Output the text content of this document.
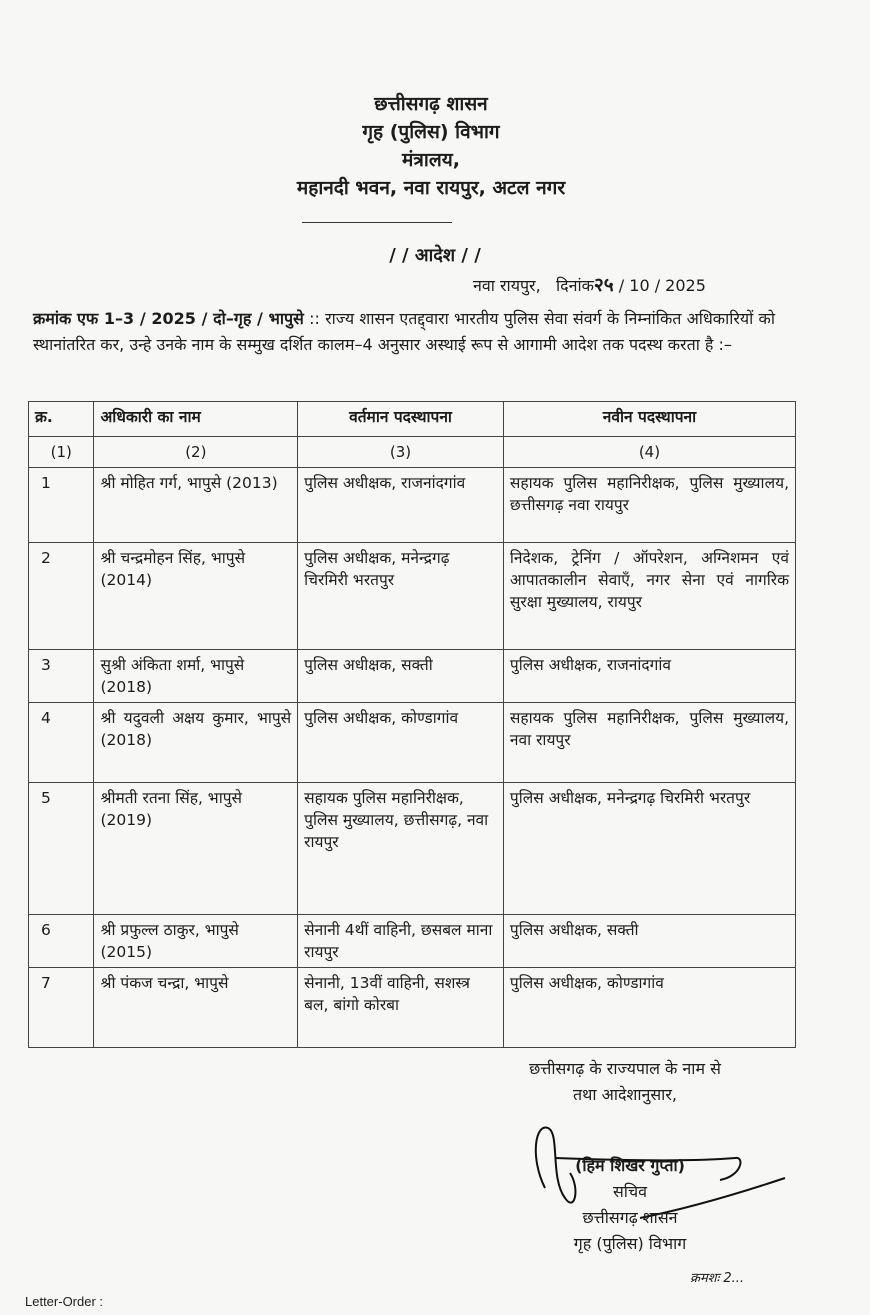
छत्तीसगढ़ शासन
गृह (पुलिस) विभाग
मंत्रालय,
महानदी भवन, नवा रायपुर, अटल नगर
/ / आदेश / /
नवा रायपुर, दिनांक२५ / 10 / 2025
क्रमांक एफ 1–3 / 2025 / दो–गृह / भापुसे :: राज्य शासन एतद्द्वारा भारतीय पुलिस सेवा संवर्ग के निम्नांकित अधिकारियों को स्थानांतरित कर, उन्हे उनके नाम के सम्मुख दर्शित कालम–4 अनुसार अस्थाई रूप से आगामी आदेश तक पदस्थ करता है :–
क्र.	अधिकारी का नाम	वर्तमान पदस्थापना	नवीन पदस्थापना
(1)	(2)	(3)	(4)
1	श्री मोहित गर्ग, भापुसे (2013)	पुलिस अधीक्षक, राजनांदगांव	सहायक पुलिस महानिरीक्षक, पुलिस मुख्यालय, छत्तीसगढ़ नवा रायपुर
2	श्री चन्द्रमोहन सिंह, भापुसे (2014)	पुलिस अधीक्षक, मनेन्द्रगढ़ चिरमिरी भरतपुर	निदेशक, ट्रेनिंग / ऑपरेशन, अग्निशमन एवं आपातकालीन सेवाएँ, नगर सेना एवं नागरिक सुरक्षा मुख्यालय, रायपुर
3	सुश्री अंकिता शर्मा, भापुसे (2018)	पुलिस अधीक्षक, सक्ती	पुलिस अधीक्षक, राजनांदगांव
4	श्री यदुवली अक्षय कुमार, भापुसे (2018)	पुलिस अधीक्षक, कोण्डागांव	सहायक पुलिस महानिरीक्षक, पुलिस मुख्यालय, नवा रायपुर
5	श्रीमती रतना सिंह, भापुसे (2019)	सहायक पुलिस महानिरीक्षक, पुलिस मुख्यालय, छत्तीसगढ़, नवा रायपुर	पुलिस अधीक्षक, मनेन्द्रगढ़ चिरमिरी भरतपुर
6	श्री प्रफुल्ल ठाकुर, भापुसे (2015)	सेनानी 4थीं वाहिनी, छसबल माना रायपुर	पुलिस अधीक्षक, सक्ती
7	श्री पंकज चन्द्रा, भापुसे	सेनानी, 13वीं वाहिनी, सशस्त्र बल, बांगो कोरबा	पुलिस अधीक्षक, कोण्डागांव
छत्तीसगढ़ के राज्यपाल के नाम से
तथा आदेशानुसार,
(हिम शिखर गुप्ता)
सचिव
छत्तीसगढ़ शासन
गृह (पुलिस) विभाग
क्रमशः 2...
Letter-Order :
